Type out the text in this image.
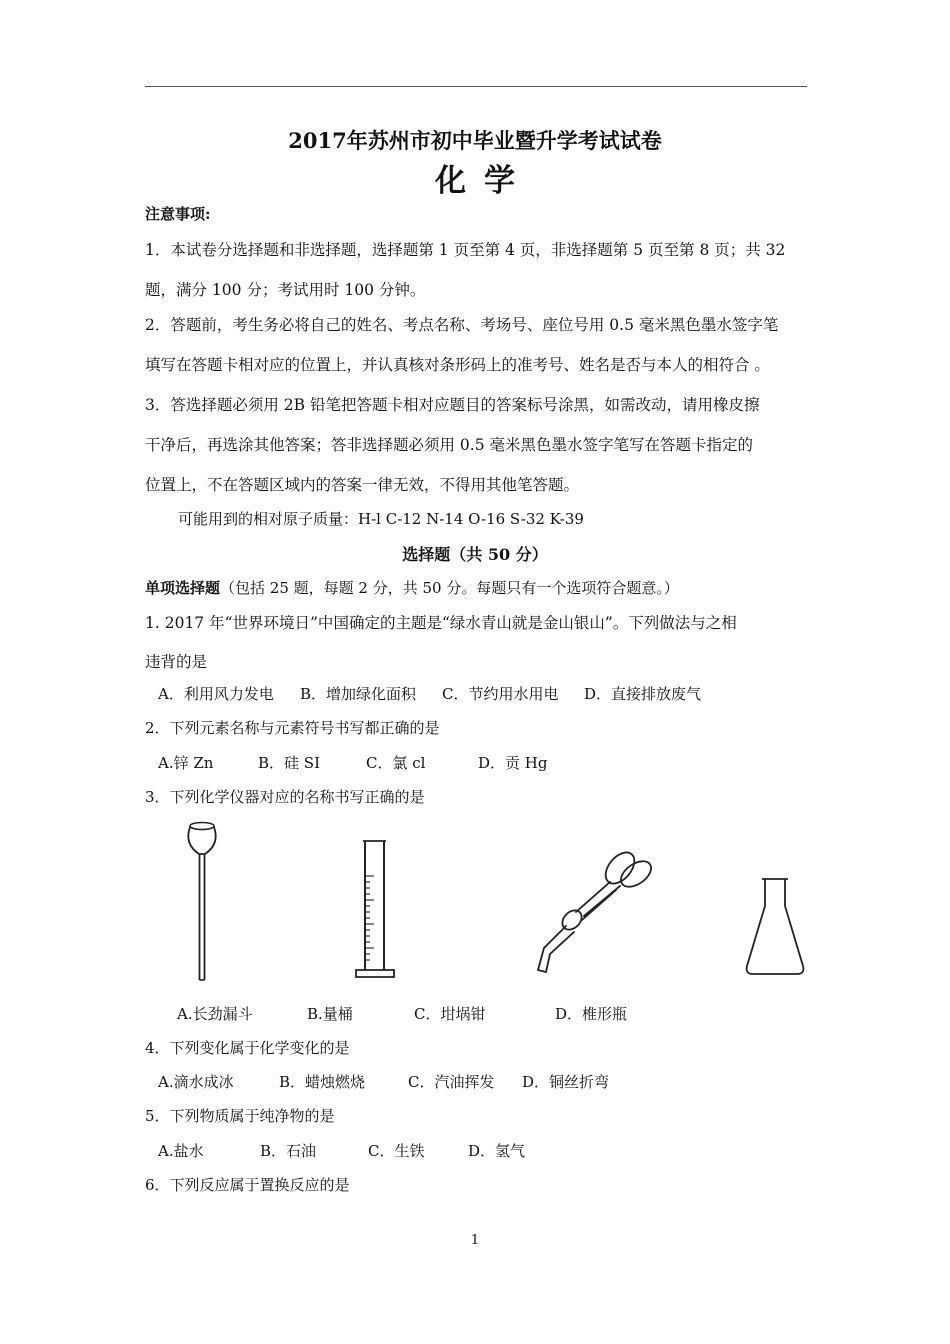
2017年苏州市初中毕业暨升学考试试卷
化学
注意事项:
1．本试卷分选择题和非选择题，选择题第 1 页至第 4 页，非选择题第 5 页至第 8 页；共 32
题，满分 100 分；考试用时 100 分钟。
2．答题前，考生务必将自己的姓名、考点名称、考场号、座位号用 0.5 毫米黑色墨水签字笔
填写在答题卡相对应的位置上，并认真核对条形码上的准考号、姓名是否与本人的相符合 。
3．答选择题必须用 2B 铅笔把答题卡相对应题目的答案标号涂黑，如需改动，请用橡皮擦
干净后，再选涂其他答案；答非选择题必须用 0.5 毫米黑色墨水签字笔写在答题卡指定的
位置上，不在答题区域内的答案一律无效，不得用其他笔答题。
可能用到的相对原子质量：H-l C-12 N-14 O-16 S-32 K-39
选择题（共 50 分）
单项选择题（包括 25 题，每题 2 分，共 50 分。每题只有一个选项符合题意。）
1. 2017 年“世界环境日”中国确定的主题是“绿水青山就是金山银山”。下列做法与之相
违背的是
A．利用风力发电 B．增加绿化面积 C．节约用水用电 D．直接排放废气
2．下列元素名称与元素符号书写都正确的是
A.锌 Zn	B．硅 SI	C．氯 cl	D．贡 Hg
3．下列化学仪器对应的名称书写正确的是
A.长劲漏斗	B.量桶	C．坩埚钳	D．椎形瓶
4．下列变化属于化学变化的是
A.滴水成冰	B．蜡烛燃烧	C．汽油挥发 D．铜丝折弯
5．下列物质属于纯净物的是
A.盐水	B．石油	C．生铁	D．氢气
6．下列反应属于置换反应的是
1
